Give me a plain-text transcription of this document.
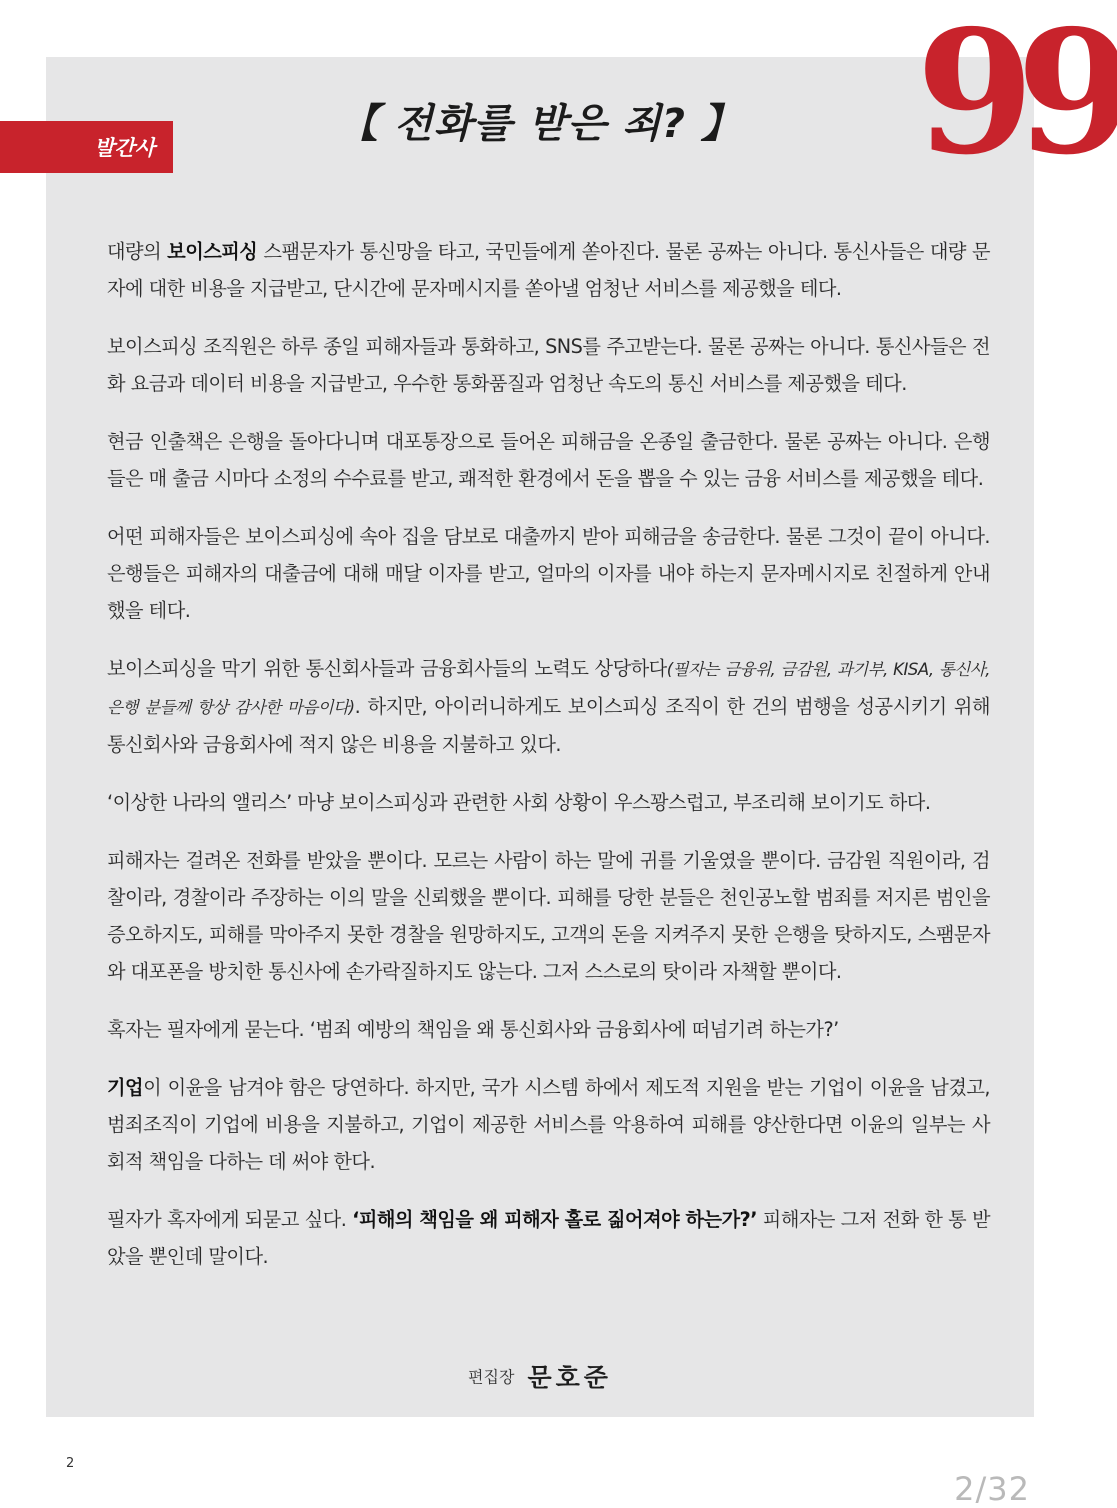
발간사	99
【 전화를 받은 죄? 】

대량의 보이스피싱 스팸문자가 통신망을 타고, 국민들에게 쏟아진다. 물론 공짜는 아니다. 통신사들은 대량 문자에 대한 비용을 지급받고, 단시간에 문자메시지를 쏟아낼 엄청난 서비스를 제공했을 테다.

보이스피싱 조직원은 하루 종일 피해자들과 통화하고, SNS를 주고받는다. 물론 공짜는 아니다. 통신사들은 전화 요금과 데이터 비용을 지급받고, 우수한 통화품질과 엄청난 속도의 통신 서비스를 제공했을 테다.

현금 인출책은 은행을 돌아다니며 대포통장으로 들어온 피해금을 온종일 출금한다. 물론 공짜는 아니다. 은행들은 매 출금 시마다 소정의 수수료를 받고, 쾌적한 환경에서 돈을 뽑을 수 있는 금융 서비스를 제공했을 테다.

어떤 피해자들은 보이스피싱에 속아 집을 담보로 대출까지 받아 피해금을 송금한다. 물론 그것이 끝이 아니다. 은행들은 피해자의 대출금에 대해 매달 이자를 받고, 얼마의 이자를 내야 하는지 문자메시지로 친절하게 안내했을 테다.

보이스피싱을 막기 위한 통신회사들과 금융회사들의 노력도 상당하다(필자는 금융위, 금감원, 과기부, KISA, 통신사, 은행 분들께 항상 감사한 마음이다). 하지만, 아이러니하게도 보이스피싱 조직이 한 건의 범행을 성공시키기 위해 통신회사와 금융회사에 적지 않은 비용을 지불하고 있다.

‘이상한 나라의 앨리스’ 마냥 보이스피싱과 관련한 사회 상황이 우스꽝스럽고, 부조리해 보이기도 하다.

피해자는 걸려온 전화를 받았을 뿐이다. 모르는 사람이 하는 말에 귀를 기울였을 뿐이다. 금감원 직원이라, 검찰이라, 경찰이라 주장하는 이의 말을 신뢰했을 뿐이다. 피해를 당한 분들은 천인공노할 범죄를 저지른 범인을 증오하지도, 피해를 막아주지 못한 경찰을 원망하지도, 고객의 돈을 지켜주지 못한 은행을 탓하지도, 스팸문자와 대포폰을 방치한 통신사에 손가락질하지도 않는다. 그저 스스로의 탓이라 자책할 뿐이다.

혹자는 필자에게 묻는다. ‘범죄 예방의 책임을 왜 통신회사와 금융회사에 떠넘기려 하는가?’

기업이 이윤을 남겨야 함은 당연하다. 하지만, 국가 시스템 하에서 제도적 지원을 받는 기업이 이윤을 남겼고, 범죄조직이 기업에 비용을 지불하고, 기업이 제공한 서비스를 악용하여 피해를 양산한다면 이윤의 일부는 사회적 책임을 다하는 데 써야 한다.

필자가 혹자에게 되묻고 싶다. ‘피해의 책임을 왜 피해자 홀로 짊어져야 하는가?’ 피해자는 그저 전화 한 통 받았을 뿐인데 말이다.

편집장 문호준
2
2/32
